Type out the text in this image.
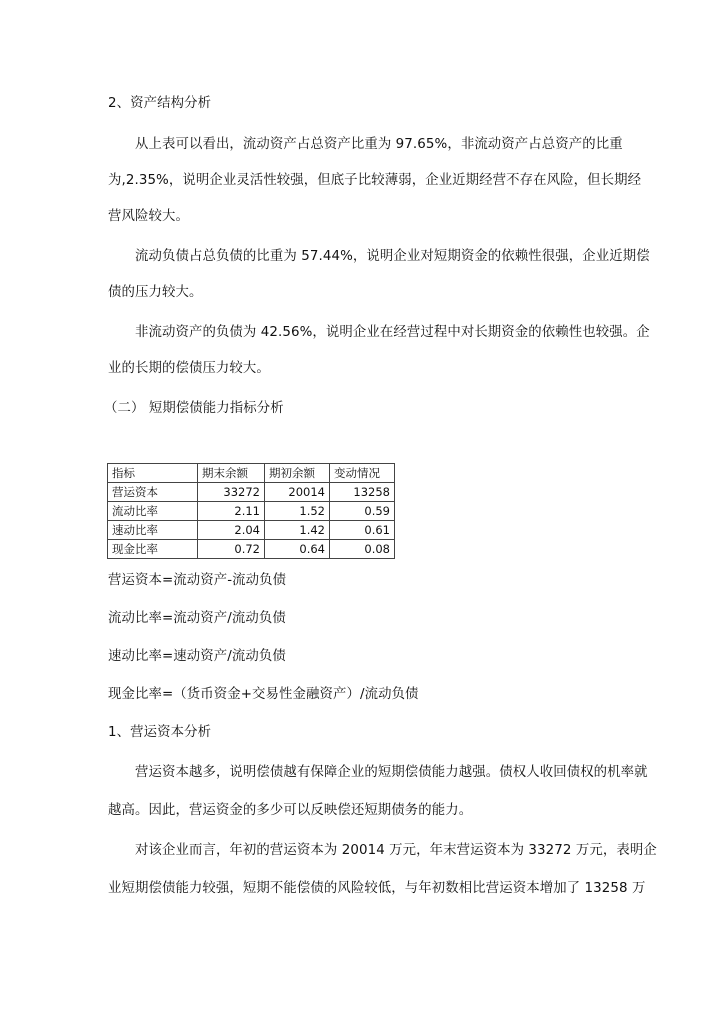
2、资产结构分析
从上表可以看出，流动资产占总资产比重为 97.65%，非流动资产占总资产的比重
为,2.35%，说明企业灵活性较强，但底子比较薄弱，企业近期经营不存在风险，但长期经
营风险较大。
流动负债占总负债的比重为 57.44%，说明企业对短期资金的依赖性很强，企业近期偿
债的压力较大。
非流动资产的负债为 42.56%，说明企业在经营过程中对长期资金的依赖性也较强。企
业的长期的偿债压力较大。
（二） 短期偿债能力指标分析
指标	期末余额	期初余额	变动情况
营运资本	33272	20014	13258
流动比率	2.11	1.52	0.59
速动比率	2.04	1.42	0.61
现金比率	0.72	0.64	0.08
营运资本=流动资产-流动负债
流动比率=流动资产/流动负债
速动比率=速动资产/流动负债
现金比率=（货币资金+交易性金融资产）/流动负债
1、营运资本分析
营运资本越多，说明偿债越有保障企业的短期偿债能力越强。债权人收回债权的机率就
越高。因此，营运资金的多少可以反映偿还短期债务的能力。
对该企业而言，年初的营运资本为 20014 万元，年末营运资本为 33272 万元，表明企
业短期偿债能力较强，短期不能偿债的风险较低，与年初数相比营运资本增加了 13258 万
